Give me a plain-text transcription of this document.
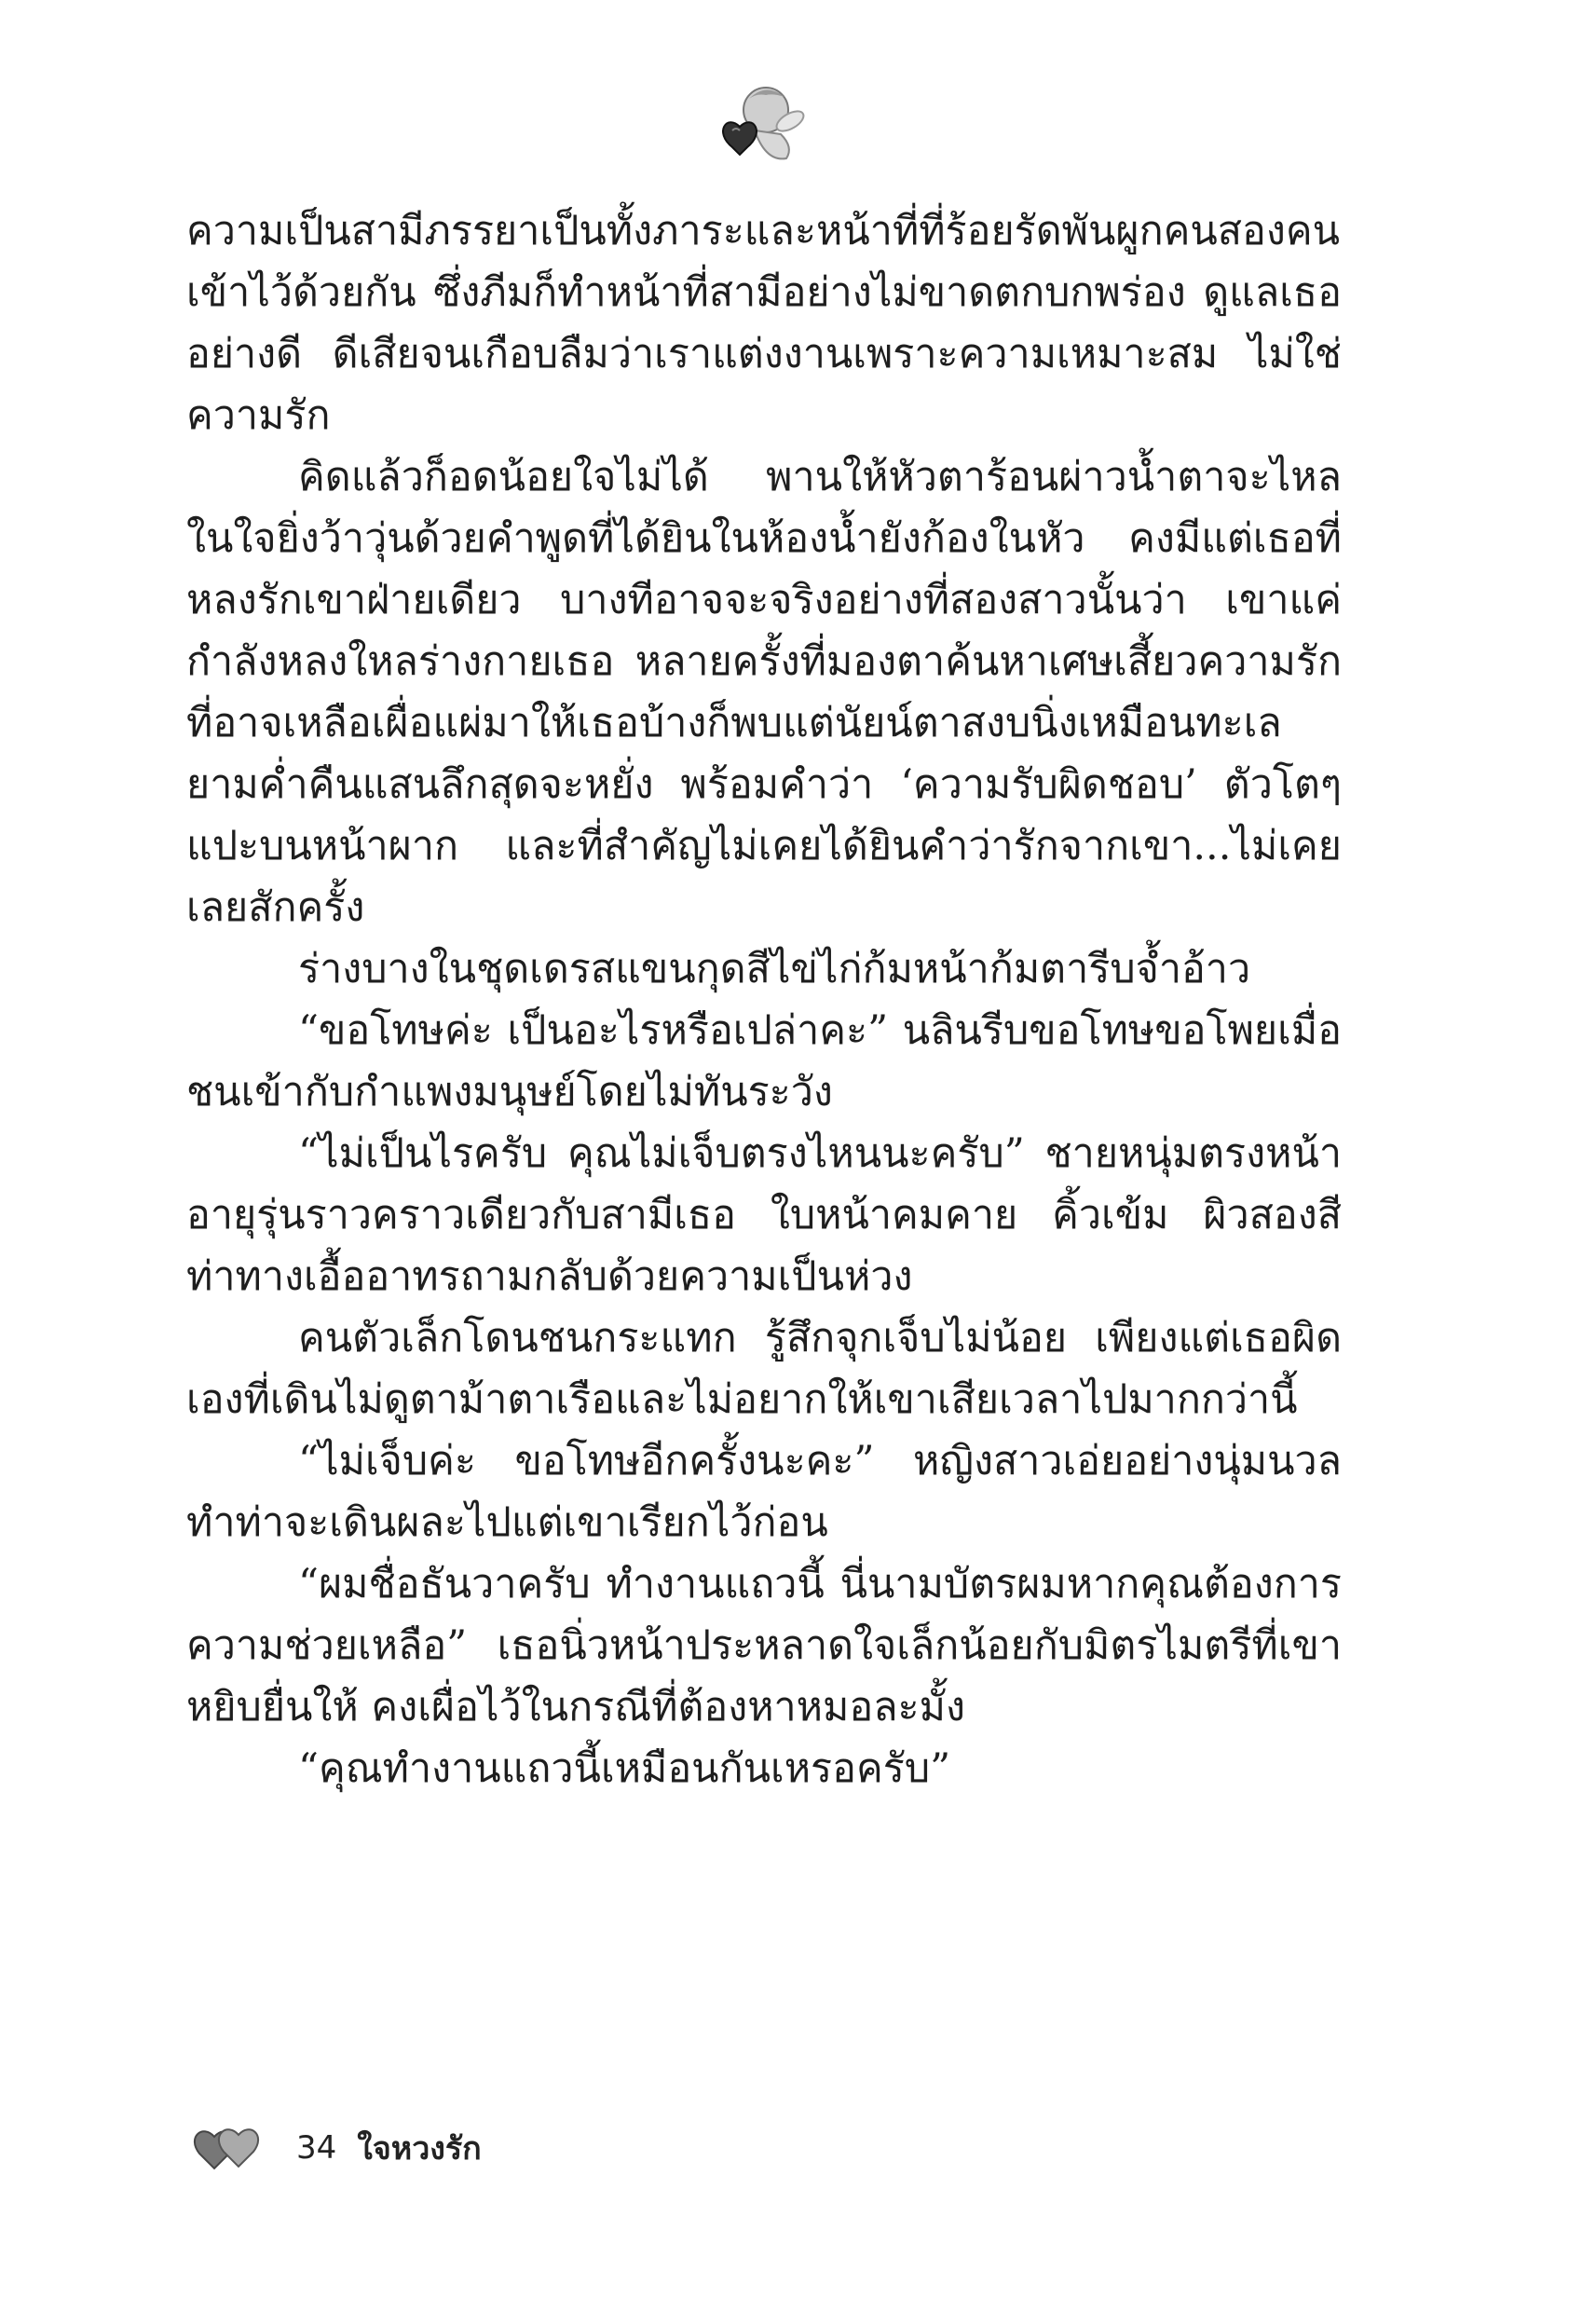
ความเป็นสามีภรรยาเป็นทั้งภาระและหน้าที่ที่ร้อยรัดพันผูกคนสองคนเข้าไว้ด้วยกัน ซึ่งภีมก็ทำหน้าที่สามีอย่างไม่ขาดตกบกพร่อง ดูแลเธออย่างดี ดีเสียจนเกือบลืมว่าเราแต่งงานเพราะความเหมาะสม ไม่ใช่ความรัก

คิดแล้วก็อดน้อยใจไม่ได้ พานให้หัวตาร้อนผ่าวน้ำตาจะไหล ในใจยิ่งว้าวุ่นด้วยคำพูดที่ได้ยินในห้องน้ำยังก้องในหัว คงมีแต่เธอที่หลงรักเขาฝ่ายเดียว บางทีอาจจะจริงอย่างที่สองสาวนั้นว่า เขาแค่กำลังหลงใหลร่างกายเธอ หลายครั้งที่มองตาค้นหาเศษเสี้ยวความรักที่อาจเหลือเผื่อแผ่มาให้เธอบ้างก็พบแต่นัยน์ตาสงบนิ่งเหมือนทะเลยามค่ำคืนแสนลึกสุดจะหยั่ง พร้อมคำว่า ‘ความรับผิดชอบ’ ตัวโตๆ แปะบนหน้าผาก และที่สำคัญไม่เคยได้ยินคำว่ารักจากเขา...ไม่เคยเลยสักครั้ง

ร่างบางในชุดเดรสแขนกุดสีไข่ไก่ก้มหน้าก้มตารีบจ้ำอ้าว

“ขอโทษค่ะ เป็นอะไรหรือเปล่าคะ” นลินรีบขอโทษขอโพยเมื่อชนเข้ากับกำแพงมนุษย์โดยไม่ทันระวัง

“ไม่เป็นไรครับ คุณไม่เจ็บตรงไหนนะครับ” ชายหนุ่มตรงหน้าอายุรุ่นราวคราวเดียวกับสามีเธอ ใบหน้าคมคาย คิ้วเข้ม ผิวสองสีท่าทางเอื้ออาทรถามกลับด้วยความเป็นห่วง

คนตัวเล็กโดนชนกระแทก รู้สึกจุกเจ็บไม่น้อย เพียงแต่เธอผิดเองที่เดินไม่ดูตาม้าตาเรือและไม่อยากให้เขาเสียเวลาไปมากกว่านี้

“ไม่เจ็บค่ะ ขอโทษอีกครั้งนะคะ” หญิงสาวเอ่ยอย่างนุ่มนวลทำท่าจะเดินผละไปแต่เขาเรียกไว้ก่อน

“ผมชื่อธันวาครับ ทำงานแถวนี้ นี่นามบัตรผมหากคุณต้องการความช่วยเหลือ” เธอนิ่วหน้าประหลาดใจเล็กน้อยกับมิตรไมตรีที่เขาหยิบยื่นให้ คงเผื่อไว้ในกรณีที่ต้องหาหมอละมั้ง

“คุณทำงานแถวนี้เหมือนกันเหรอครับ”

34 ใจหวงรัก
